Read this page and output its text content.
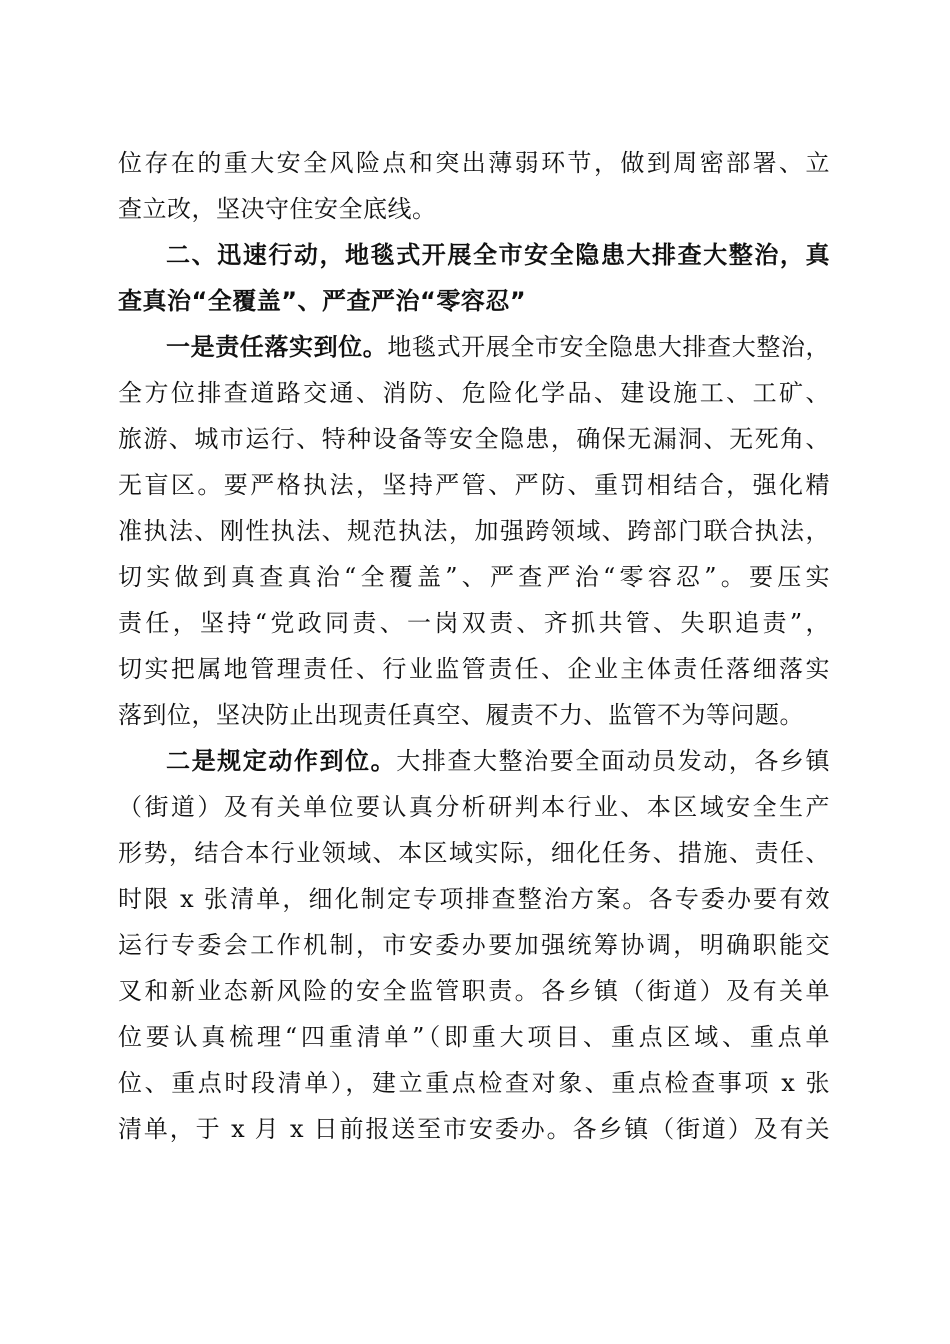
位存在的重大安全风险点和突出薄弱环节，做到周密部署、立
查立改，坚决守住安全底线。
二、迅速行动，地毯式开展全市安全隐患大排查大整治，真
查真治“全覆盖”、严查严治“零容忍”
一是责任落实到位。地毯式开展全市安全隐患大排查大整治，
全方位排查道路交通、消防、危险化学品、建设施工、工矿、
旅游、城市运行、特种设备等安全隐患，确保无漏洞、无死角、
无盲区。要严格执法，坚持严管、严防、重罚相结合，强化精
准执法、刚性执法、规范执法，加强跨领域、跨部门联合执法，
切实做到真查真治“全覆盖”、严查严治“零容忍”。要压实
责任，坚持“党政同责、一岗双责、齐抓共管、失职追责”，
切实把属地管理责任、行业监管责任、企业主体责任落细落实
落到位，坚决防止出现责任真空、履责不力、监管不为等问题。
二是规定动作到位。大排查大整治要全面动员发动，各乡镇
（街道）及有关单位要认真分析研判本行业、本区域安全生产
形势，结合本行业领域、本区域实际，细化任务、措施、责任、
时限 x 张清单，细化制定专项排查整治方案。各专委办要有效
运行专委会工作机制，市安委办要加强统筹协调，明确职能交
叉和新业态新风险的安全监管职责。各乡镇（街道）及有关单
位要认真梳理“四重清单”（即重大项目、重点区域、重点单
位、重点时段清单），建立重点检查对象、重点检查事项 x 张
清单，于 x 月 x 日前报送至市安委办。各乡镇（街道）及有关
